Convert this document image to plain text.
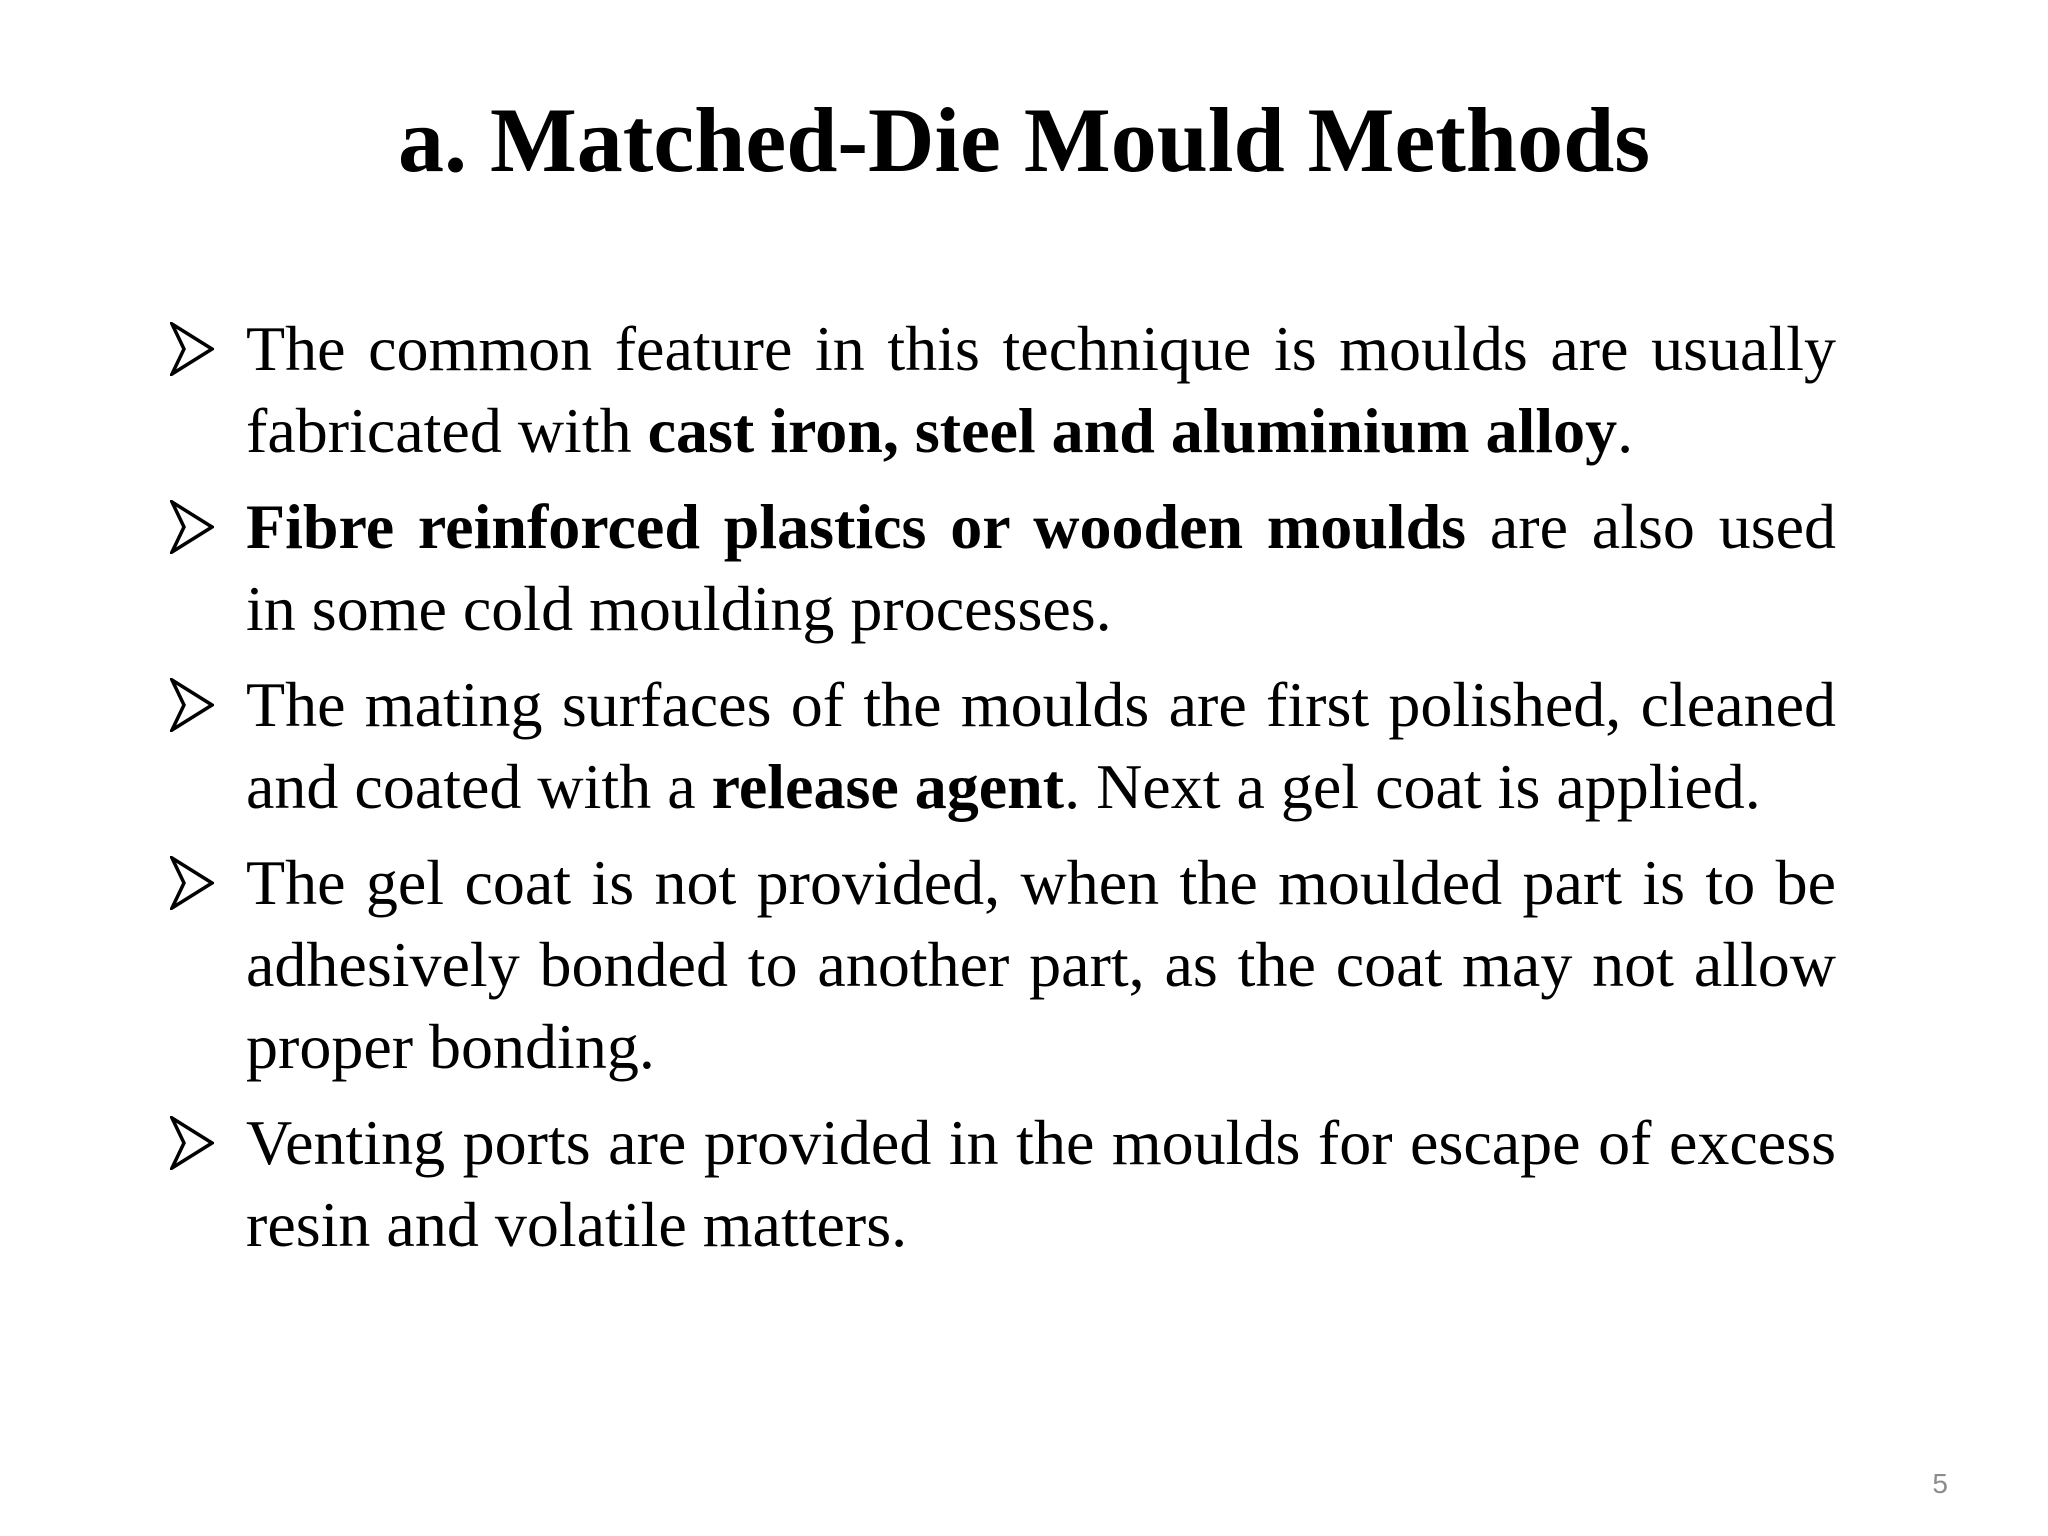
a. Matched-Die Mould Methods
The common feature in this technique is moulds are usually fabricated with cast iron, steel and aluminium alloy.
Fibre reinforced plastics or wooden moulds are also used in some cold moulding processes.
The mating surfaces of the moulds are first polished, cleaned and coated with a release agent. Next a gel coat is applied.
The gel coat is not provided, when the moulded part is to be adhesively bonded to another part, as the coat may not allow proper bonding.
Venting ports are provided in the moulds for escape of excess resin and volatile matters.
5
